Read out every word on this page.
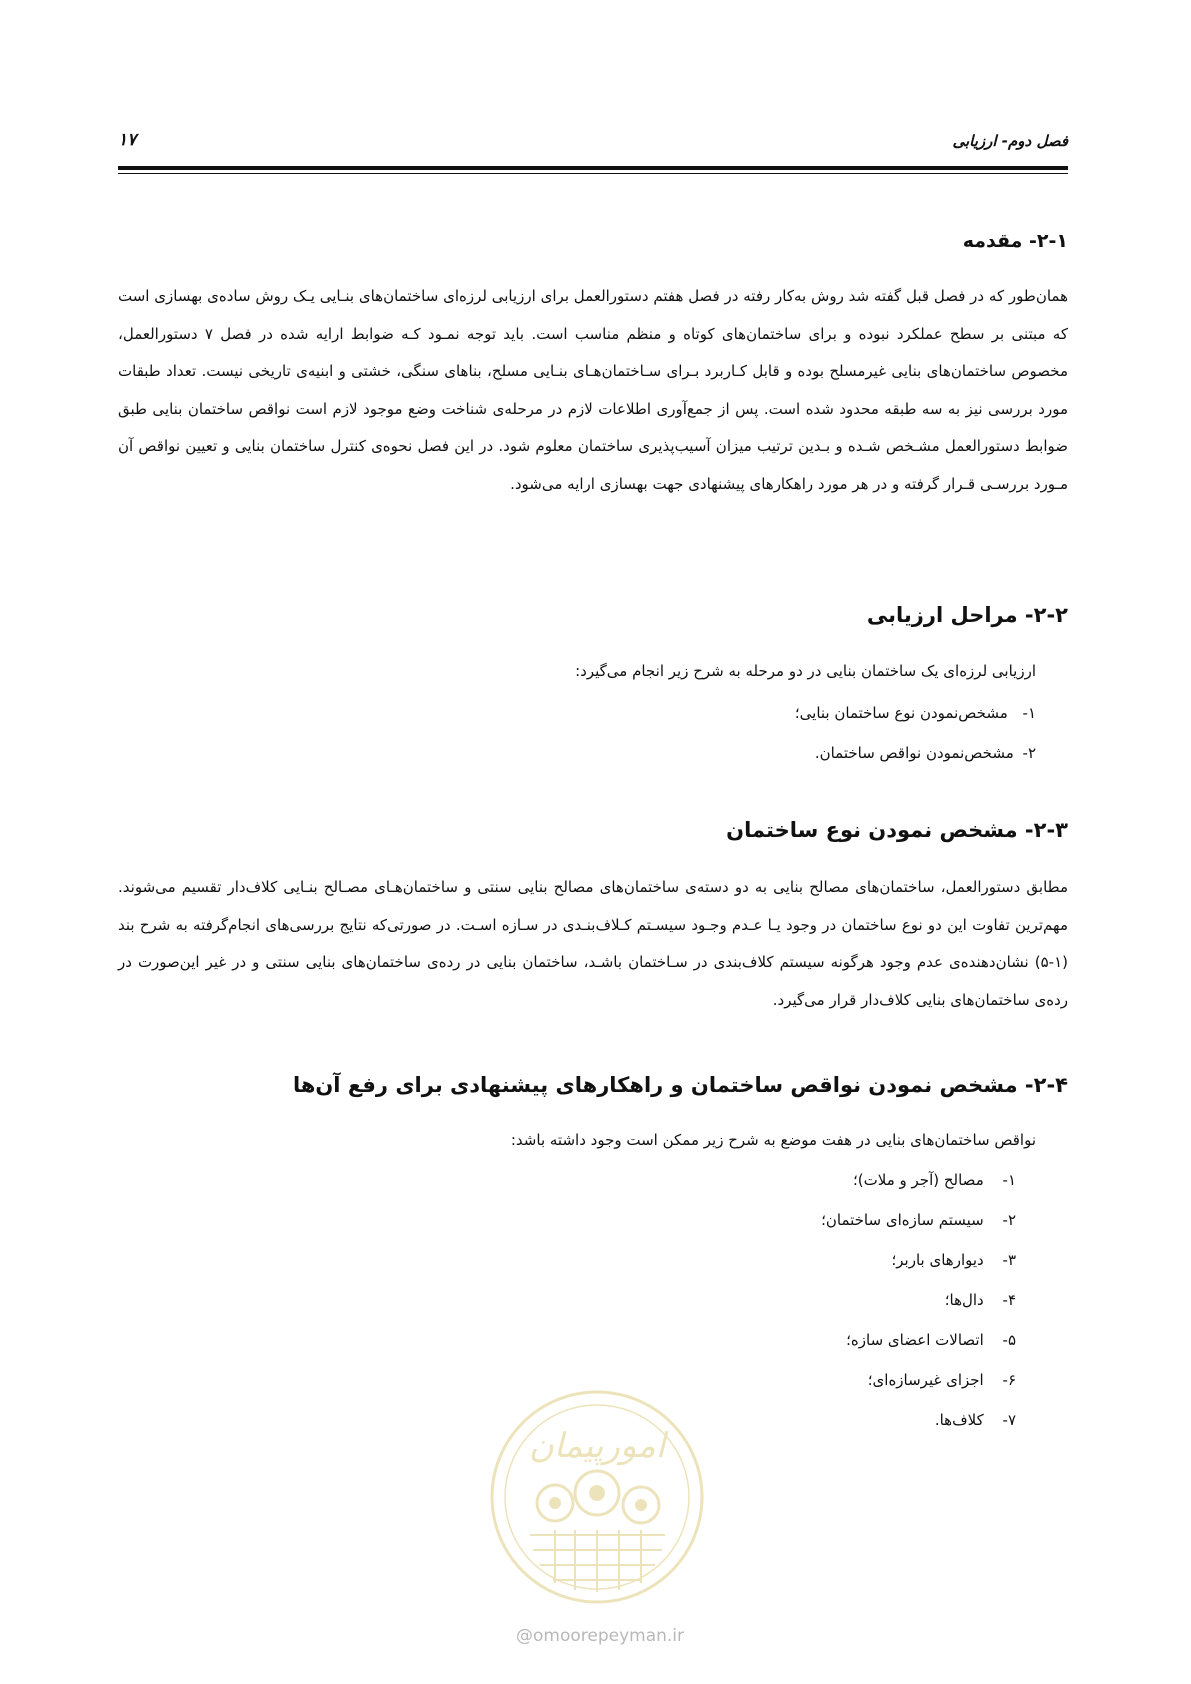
فصل دوم- ارزیابی
۱۷
۲-۱- مقدمه

همان‌طور که در فصل قبل گفته شد روش به‌کار رفته در فصل هفتم دستورالعمل برای ارزیابی لرزه‌ای ساختمان‌های بنـایی یـک روش ساده‌ی بهسازی است که مبتنی بر سطح عملکرد نبوده و برای ساختمان‌های کوتاه و منظم مناسب است. باید توجه نمـود کـه ضوابط ارایه شده در فصل ۷ دستورالعمل، مخصوص ساختمان‌های بنایی غیرمسلح بوده و قابل کـاربرد بـرای سـاختمان‌هـای بنـایی مسلح، بناهای سنگی، خشتی و ابنیه‌ی تاریخی نیست. تعداد طبقات مورد بررسی نیز به سه طبقه محدود شده است. پس از جمع‌آوری اطلاعات لازم در مرحله‌ی شناخت وضع موجود لازم است نواقص ساختمان بنایی طبق ضوابط دستورالعمل مشـخص شـده و بـدین ترتیب میزان آسیب‌پذیری ساختمان معلوم شود. در این فصل نحوه‌ی کنترل ساختمان بنایی و تعیین نواقص آن مـورد بررسـی قـرار گرفته و در هر مورد راهکارهای پیشنهادی جهت بهسازی ارایه می‌شود.

۲-۲- مراحل ارزیابی
ارزیابی لرزه‌ای یک ساختمان بنایی در دو مرحله به شرح زیر انجام می‌گیرد:
۱- مشخص‌نمودن نوع ساختمان بنایی؛
۲- مشخص‌نمودن نواقص ساختمان.
۲-۳- مشخص نمودن نوع ساختمان

مطابق دستورالعمل، ساختمان‌های مصالح بنایی به دو دسته‌ی ساختمان‌های مصالح بنایی سنتی و ساختمان‌هـای مصـالح بنـایی کلاف‌دار تقسیم می‌شوند. مهم‌ترین تفاوت این دو نوع ساختمان در وجود یـا عـدم وجـود سیسـتم کـلاف‌بنـدی در سـازه اسـت. در صورتی‌که نتایج بررسی‌های انجام‌گرفته به شرح بند (۱-۵) نشان‌دهنده‌ی عدم وجود هرگونه سیستم کلاف‌بندی در سـاختمان باشـد، ساختمان بنایی در رده‌ی ساختمان‌های بنایی سنتی و در غیر این‌صورت در رده‌ی ساختمان‌های بنایی کلاف‌دار قرار می‌گیرد.

۲-۴- مشخص نمودن نواقص ساختمان و راهکارهای پیشنهادی برای رفع آن‌ها
نواقص ساختمان‌های بنایی در هفت موضع به شرح زیر ممکن است وجود داشته باشد:
۱- مصالح (آجر و ملات)؛
۲- سیستم سازه‌ای ساختمان؛
۳- دیوارهای باربر؛
۴- دال‌ها؛
۵- اتصالات اعضای سازه؛
۶- اجزای غیرسازه‌ای؛
۷- کلاف‌ها.
امورپیمان
@omoorepeyman.ir
